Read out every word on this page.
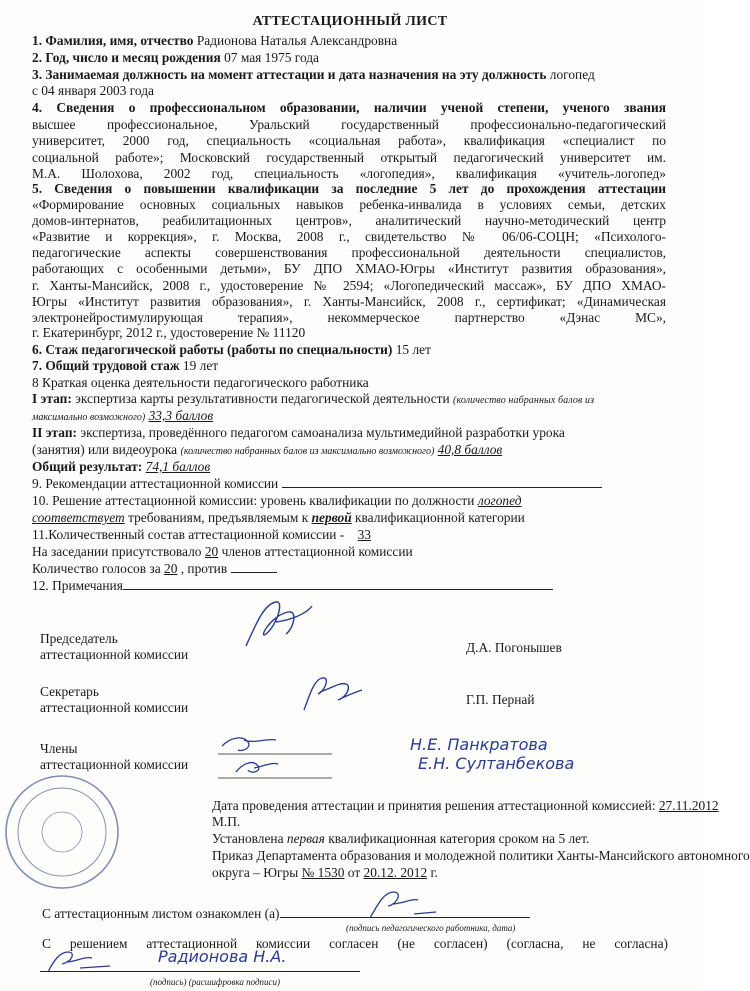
АТТЕСТАЦИОННЫЙ ЛИСТ
1. Фамилия, имя, отчество Радионова Наталья Александровна
2. Год, число и месяц рождения 07 мая 1975 года
3. Занимаемая должность на момент аттестации и дата назначения на эту должность логопед
с 04 января 2003 года
4. Сведения о профессиональном образовании, наличии ученой степени, ученого звания
высшее профессиональное, Уральский государственный профессионально-педагогический
университет, 2000 год, специальность «социальная работа», квалификация «специалист по
социальной работе»; Московский государственный открытый педагогический университет им.
М.А. Шолохова, 2002 год, специальность «логопедия», квалификация «учитель-логопед»
5. Сведения о повышении квалификации за последние 5 лет до прохождения аттестации
«Формирование основных социальных навыков ребенка-инвалида в условиях семьи, детских
домов-интернатов, реабилитационных центров», аналитический научно-методический центр
«Развитие и коррекция», г. Москва, 2008 г., свидетельство № 06/06-СОЦН; «Психолого-
педагогические аспекты совершенствования профессиональной деятельности специалистов,
работающих с особенными детьми», БУ ДПО ХМАО-Югры «Институт развития образования»,
г. Ханты-Мансийск, 2008 г., удостоверение № 2594; «Логопедический массаж», БУ ДПО ХМАО-
Югры «Институт развития образования», г. Ханты-Мансийск, 2008 г., сертификат; «Динамическая
электронейростимулирующая терапия», некоммерческое партнерство «Дэнас МС»,
г. Екатеринбург, 2012 г., удостоверение № 11120
6. Стаж педагогической работы (работы по специальности) 15 лет
7. Общий трудовой стаж 19 лет
8 Краткая оценка деятельности педагогического работника
I этап: экспертиза карты результативности педагогической деятельности (количество набранных балов из
максимально возможного) 33,3 баллов
II этап: экспертиза, проведённого педагогом самоанализа мультимедийной разработки урока
(занятия) или видеоурока (количество набранных балов из максимально возможного) 40,8 баллов
Общий результат: 74,1 баллов
9. Рекомендации аттестационной комиссии
10. Решение аттестационной комиссии: уровень квалификации по должности логопед
соответствует требованиям, предъявляемым к первой квалификационной категории
11.Количественный состав аттестационной комиссии - 33
На заседании присутствовало 20 членов аттестационной комиссии
Количество голосов за 20 , против
12. Примечания
Председатель
аттестационной комиссии	Д.А. Погонышев
Секретарь
аттестационной комиссии
Г.П. Пернай
Члены
аттестационной комиссии
Н.Е. Панкратова
Е.Н. Султанбекова
Дата проведения аттестации и принятия решения аттестационной комиссией: 27.11.2012
М.П.
Установлена первая квалификационная категория сроком на 5 лет.
Приказ Департамента образования и молодежной политики Ханты-Мансийского автономного
округа – Югры № 1530 от 20.12. 2012 г.
С аттестационным листом ознакомлен (а)
(подпись педагогического работника, дата)
С решением аттестационной комиссии согласен (не согласен) (согласна, не согласна)
Радионова Н.А.
(подпись) (расшифровка подписи)
